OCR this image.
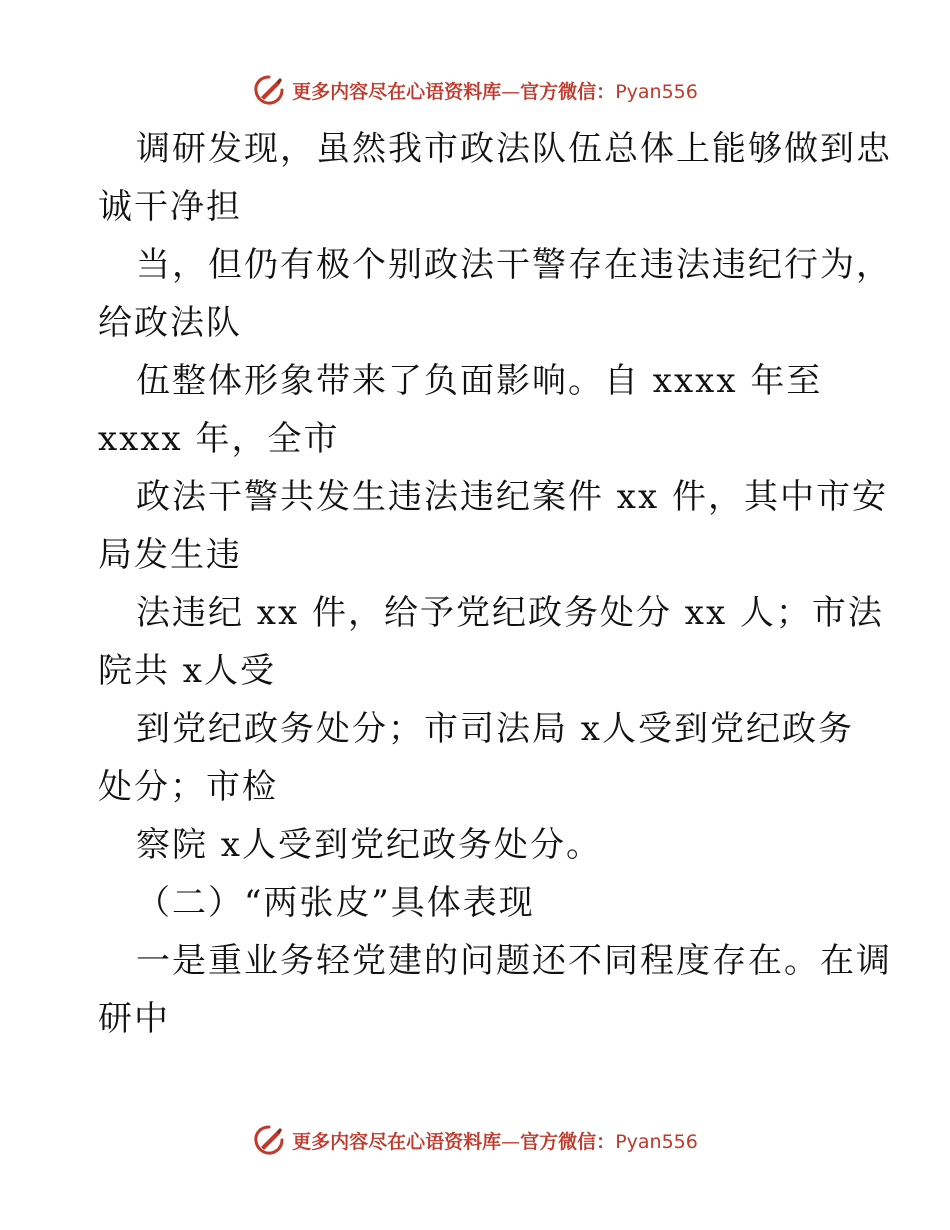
更多内容尽在心语资料库—官方微信：Pyan556
调研发现，虽然我市政法队伍总体上能够做到忠
诚干净担
当，但仍有极个别政法干警存在违法违纪行为，
给政法队
伍整体形象带来了负面影响。自 xxxx 年至
xxxx 年，全市
政法干警共发生违法违纪案件 xx 件，其中市安
局发生违
法违纪 xx 件，给予党纪政务处分 xx 人；市法
院共 x人受
到党纪政务处分；市司法局 x人受到党纪政务
处分；市检
察院 x人受到党纪政务处分。
（二）“两张皮”具体表现
一是重业务轻党建的问题还不同程度存在。在调
研中
更多内容尽在心语资料库—官方微信：Pyan556
